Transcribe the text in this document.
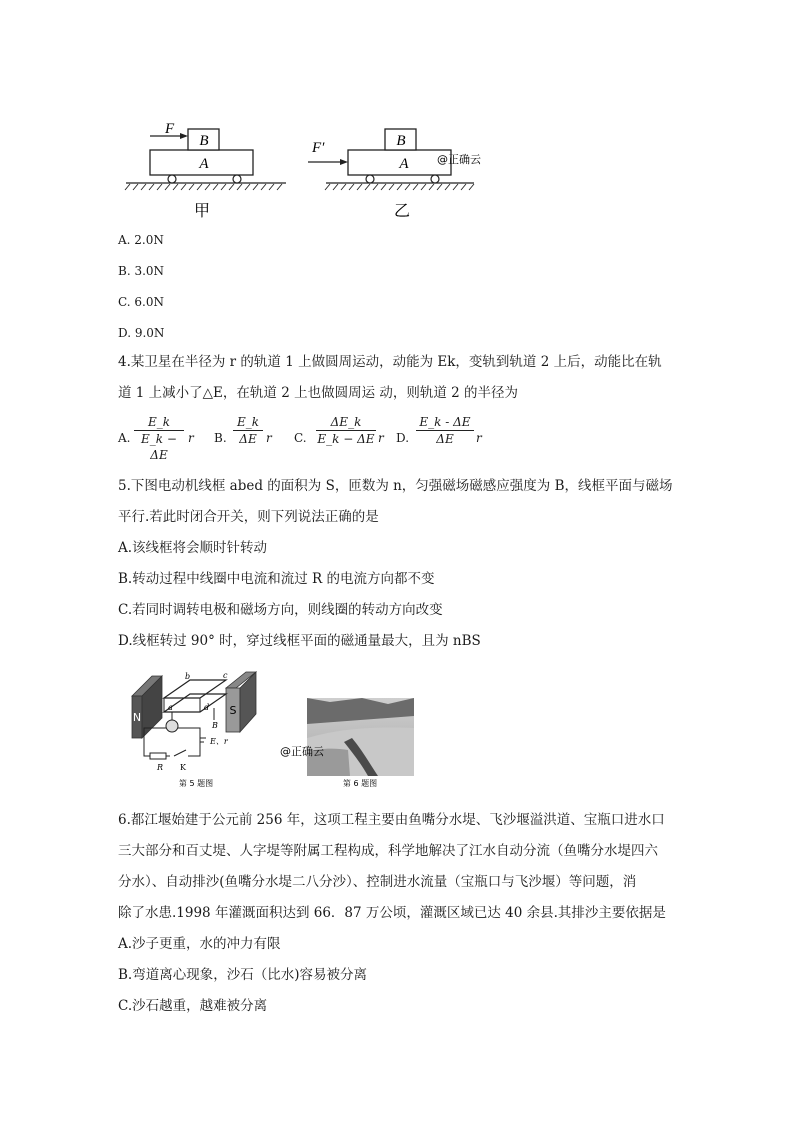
F
B
A
甲
F′	B
A	@正确云
乙
A. 2.0N
B. 3.0N
C. 6.0N
D. 9.0N
4.某卫星在半径为 r 的轨道 1 上做圆周运动，动能为 Ek，变轨到轨道 2 上后，动能比在轨
道 1 上减小了△E，在轨道 2 上也做圆周运 动，则轨道 2 的半径为
A. $\frac{E\_k}{E\_k - \Delta E}$ r B. $\frac{E\_k}{\Delta E}$ r C. $\frac{\Delta E\_k}{E\_k - \Delta E}$ r D. $\frac{E\_k - \Delta E}{\Delta E}$ r
5.下图电动机线框 abed 的面积为 S，匝数为 n，匀强磁场磁感应强度为 B，线框平面与磁场
平行.若此时闭合开关，则下列说法正确的是
A.该线框将会顺时针转动
B.转动过程中线圈中电流和流过 R 的电流方向都不变
C.若同时调转电极和磁场方向，则线圈的转动方向改变
D.线框转过 90° 时，穿过线框平面的磁通量最大，且为 nBS
N
S
b	c
a	d
B
E、r
R K
第 5 题图
@正确云
第 6 题图
6.都江堰始建于公元前 256 年，这项工程主要由鱼嘴分水堤、飞沙堰溢洪道、宝瓶口进水口
三大部分和百丈堤、人字堤等附属工程构成，科学地解决了江水自动分流（鱼嘴分水堤四六
分水）、自动排沙(鱼嘴分水堤二八分沙）、控制进水流量（宝瓶口与飞沙堰）等问题，消
除了水患.1998 年灌溉面积达到 66．87 万公顷，灌溉区域已达 40 余县.其排沙主要依据是
A.沙子更重，水的冲力有限
B.弯道离心现象，沙石（比水)容易被分离
C.沙石越重，越难被分离
